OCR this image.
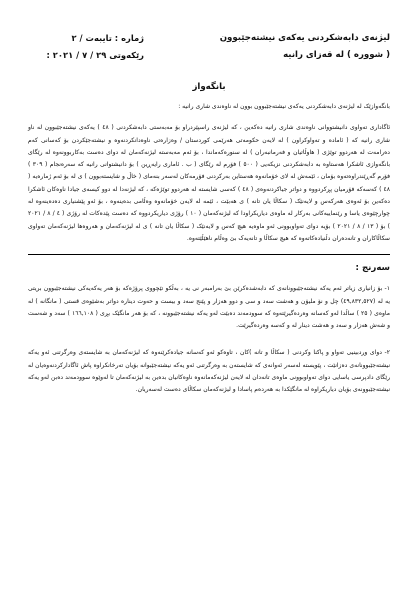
لیژنەی دابەشکردنی یەکەی نیشتەجێبوون
( شوورە ) لە قەزای رانیە
ژمارە : تایبەت / ٢
رێکەوتی : ٢٩ / ٧ / ٢٠٢١
بانگەواز

بانگەوازێک لە لیژنەی دابەشکردنی یەکەی نیشتەجێبوون بوون لە ناوەندی شاری رانیە :

ئاگاداری تەواوی دانیشتووانی ناوەندی شاری رانیە دەکەین ، کە لیژنەی راسپێردراو بۆ مەبەستی دابەشکردنی ( ٤٨ ) یەکەی نیشتەجێبوون لە ناو شاری رانیە کە ( ئامادە و تەواوکراون ) لە لایەن حکومەتی هەرێمی کوردستان / وەزارەتی ناوەدانکردنەوە و نیشتەجێکردن بۆ کەسانی کەم دەرامەت لە هەردوو توێژی ( هاوڵاتیان و فەرمانبەران ) لە سنورەکەماندا ، بۆ ئەم مەبەستە لیژنەکەمان لە دوای دەست بەکاربوونەوە لە رێگای بانگەوازی ئاشکرا هەستاوە بە دابەشکردنی نزیکەیی ( ٥٠٠ ) فۆرم لە رێگای ( ب . ئاماری رایەڕین ) بۆ دانیشتوانی رانیە کە سەرەنجام ( ٣٠٩ ) فۆرم گەڕێندراوەتەوە بۆمان ، ئێمەش لە لای خۆمانەوە هەستاین بەرکردنی فۆرمەکان لەسەر بنەمای ( خاڵ و شایستەبوون ) ی لە بۆ ئەم ژمارەیە ( ٤٨ ) کەسەکە فۆرمیان پڕکردووە و دواتر جیاکردنەوەی ( ٤٨ ) کەسی شایستە لە هەردوو توێژەکە ، کە لیژنەدا لە دوو کیسەی جیادا ناوەکان ئاشکرا دەکەین بۆ ئەوەی هەرکەس و لایەنێک ( سکاڵا یان تانە ) ی هەبێت ، ئێمە لە لایەن خۆمانەوە وەڵامی بدەینەوە ، بۆ ئەو پێشنیاری دەدەینەوە لە چوارچێوەی یاسا و رێنماییەکانی بەرکار لە ماوەی دیاریکراودا کە لیژنەکەمان ( ١٠ ) رۆژی دیاریکردووە کە دەست پێدەکات لە رۆژی ( ٤ / ٨ / ٢٠٢١ ) بۆ ( ١٣ / ٨ / ٢٠٢١ ) بۆیە دوای تەواوبوونی ئەو ماوەیە هیچ کەس و لایەنێک ( سکاڵا یان تانە ) ی لە لیژنەکەمان و هەروەها لیژنەکەمان تەواوی سکاڵاکاران و تانەدەران دڵنیادەکاتەوە کە هیچ سکاڵا و تانەیەک بێ وەڵام ناهێڵێتەوە.

سەرنج :

١- بۆ زانیاری زیاتر ئەم یەکە نیشتەجێبوونانەی کە دابەشدەکرێن بێ بەرامبەر نی یە ، بەڵکو تێچووی پرۆژەکە بۆ هەر یەکەیەکی نیشتەجێبوون بریتی یە لە (٤٩,٨٣٢,٥٢٧) چل و نۆ ملیۆن و هەشت سەد و سی و دوو هەزار و پێنج سەد و بیست و حەوت دینارە دواتر بەشێوەی قستی ( مانگانە ) لە ماوەی ( ٢٥ ) ساڵدا لەو کەسانە وەردەگیرێتەوە کە سوودمەند دەبێت لەو یەکە نیشتەجێبوونە ، کە بۆ هەر مانگێک بڕی ( ١٦٦,١٠٨ ) سەد و شەست و شەش هەزار و سەد و هەشت دینار لە و کەسە وەردەگیرێت.

٢- دوای وردبینیی تەواو و پاکنا وکردنی ( سکاڵا و تانە )کان ، تاوەکو ئەو کەسانە جیادەکرێنەوە کە لیژنەکەمان بە شایستەی وەرگرتنی ئەو یەکە نیشتەجێبوونانەی دەزانێت ، پێویستە لەسەر ئەوانەی کە شایستەن بە وەرگرتنی ئەو یەکە نیشتەجێبوانە بۆیان تەرخانکراوە پاش ئاگادارکردنەوەیان لە رێگای دادپرسی یاسایی دوای تەواوبوونی ماوەی تانەدان لە لایەن لیژنەکەمانەوە ناوەکانیان بدەین بە لیژنەکەمان تا لەوێوە سوودمەند دەبن لەو یەکە نیشتەجێبوونەی بۆیان دیاریکراوە لە مانگێکدا بە هەردەم پاسادا و لیژنەکەمان سکاڵای دەست لەسەریان.
